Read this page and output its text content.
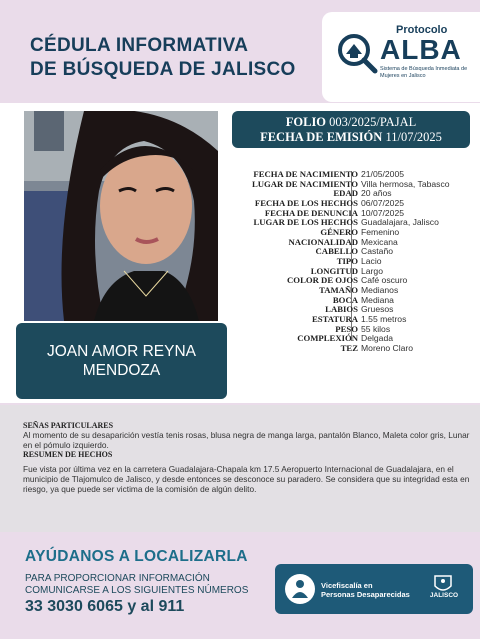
CÉDULA INFORMATIVA
DE BÚSQUEDA DE JALISCO
Protocolo
ALBA
Sistema de Búsqueda Inmediata de Mujeres en Jalisco
JOAN AMOR REYNA
MENDOZA
FOLIO 003/2025/PAJAL
FECHA DE EMISIÓN 11/07/2025
FECHA DE NACIMIENTO 21/05/2005
LUGAR DE NACIMIENTO Villa hermosa, Tabasco
EDAD 20 años
FECHA DE LOS HECHOS 06/07/2025
FECHA DE DENUNCIA 10/07/2025
LUGAR DE LOS HECHOS Guadalajara, Jalisco
GÉNERO Femenino
NACIONALIDAD Mexicana
CABELLO Castaño
TIPO Lacio
LONGITUD Largo
COLOR DE OJOS Café oscuro
TAMAÑO Medianos
BOCA Mediana
LABIOS Gruesos
ESTATURA 1.55 metros
PESO 55 kilos
COMPLEXIÓN Delgada
TEZ Moreno Claro
SEÑAS PARTICULARES
Al momento de su desaparición vestía tenis rosas, blusa negra de manga larga, pantalón Blanco, Maleta color gris, Lunar en el pómulo izquierdo.
RESUMEN DE HECHOS
Fue vista por última vez en la carretera Guadalajara-Chapala km 17.5 Aeropuerto Internacional de Guadalajara, en el municipio de Tlajomulco de Jalisco, y desde entonces se desconoce su paradero. Se considera que su integridad esta en riesgo, ya que puede ser victima de la comisión de algún delito.
AYÚDANOS A LOCALIZARLA
PARA PROPORCIONAR INFORMACIÓN
COMUNICARSE A LOS SIGUIENTES NÚMEROS
33 3030 6065 y al 911
Vicefiscalía en
Personas Desaparecidas	JALISCO
